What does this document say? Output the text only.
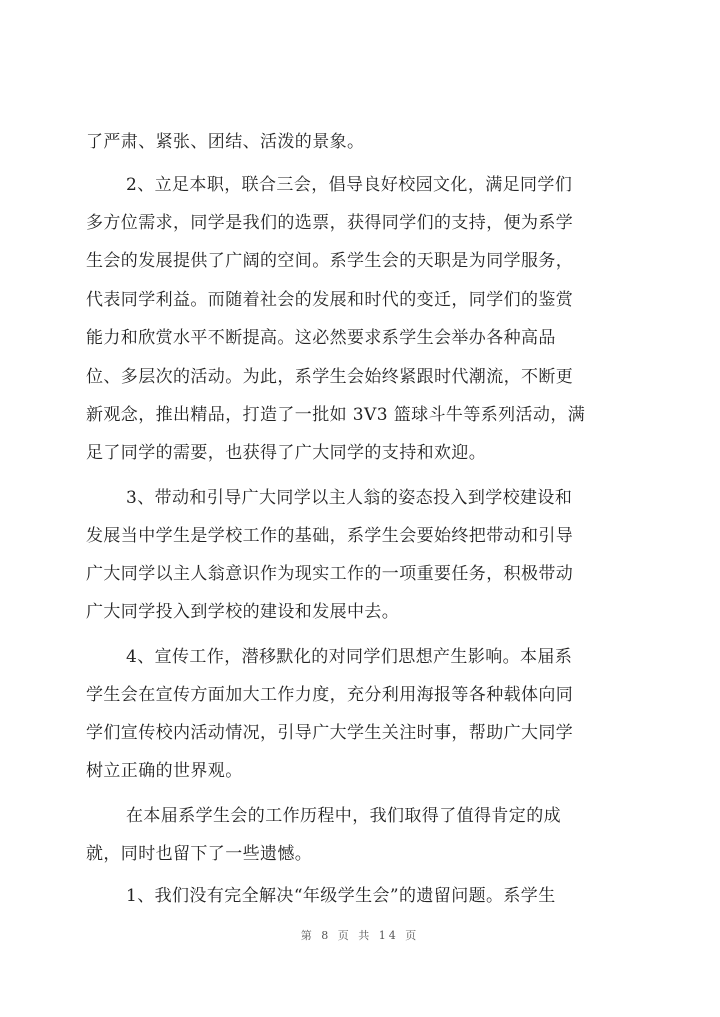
了严肃、紧张、团结、活泼的景象。

2、立足本职，联合三会，倡导良好校园文化，满足同学们

多方位需求，同学是我们的选票，获得同学们的支持，便为系学

生会的发展提供了广阔的空间。系学生会的天职是为同学服务，

代表同学利益。而随着社会的发展和时代的变迁，同学们的鉴赏

能力和欣赏水平不断提高。这必然要求系学生会举办各种高品

位、多层次的活动。为此，系学生会始终紧跟时代潮流，不断更

新观念，推出精品，打造了一批如 3V3 篮球斗牛等系列活动，满

足了同学的需要，也获得了广大同学的支持和欢迎。

3、带动和引导广大同学以主人翁的姿态投入到学校建设和

发展当中学生是学校工作的基础，系学生会要始终把带动和引导

广大同学以主人翁意识作为现实工作的一项重要任务，积极带动

广大同学投入到学校的建设和发展中去。

4、宣传工作，潜移默化的对同学们思想产生影响。本届系

学生会在宣传方面加大工作力度，充分利用海报等各种载体向同

学们宣传校内活动情况，引导广大学生关注时事，帮助广大同学

树立正确的世界观。

在本届系学生会的工作历程中，我们取得了值得肯定的成

就，同时也留下了一些遗憾。

1、我们没有完全解决“年级学生会”的遗留问题。系学生

第 8 页 共 14 页
